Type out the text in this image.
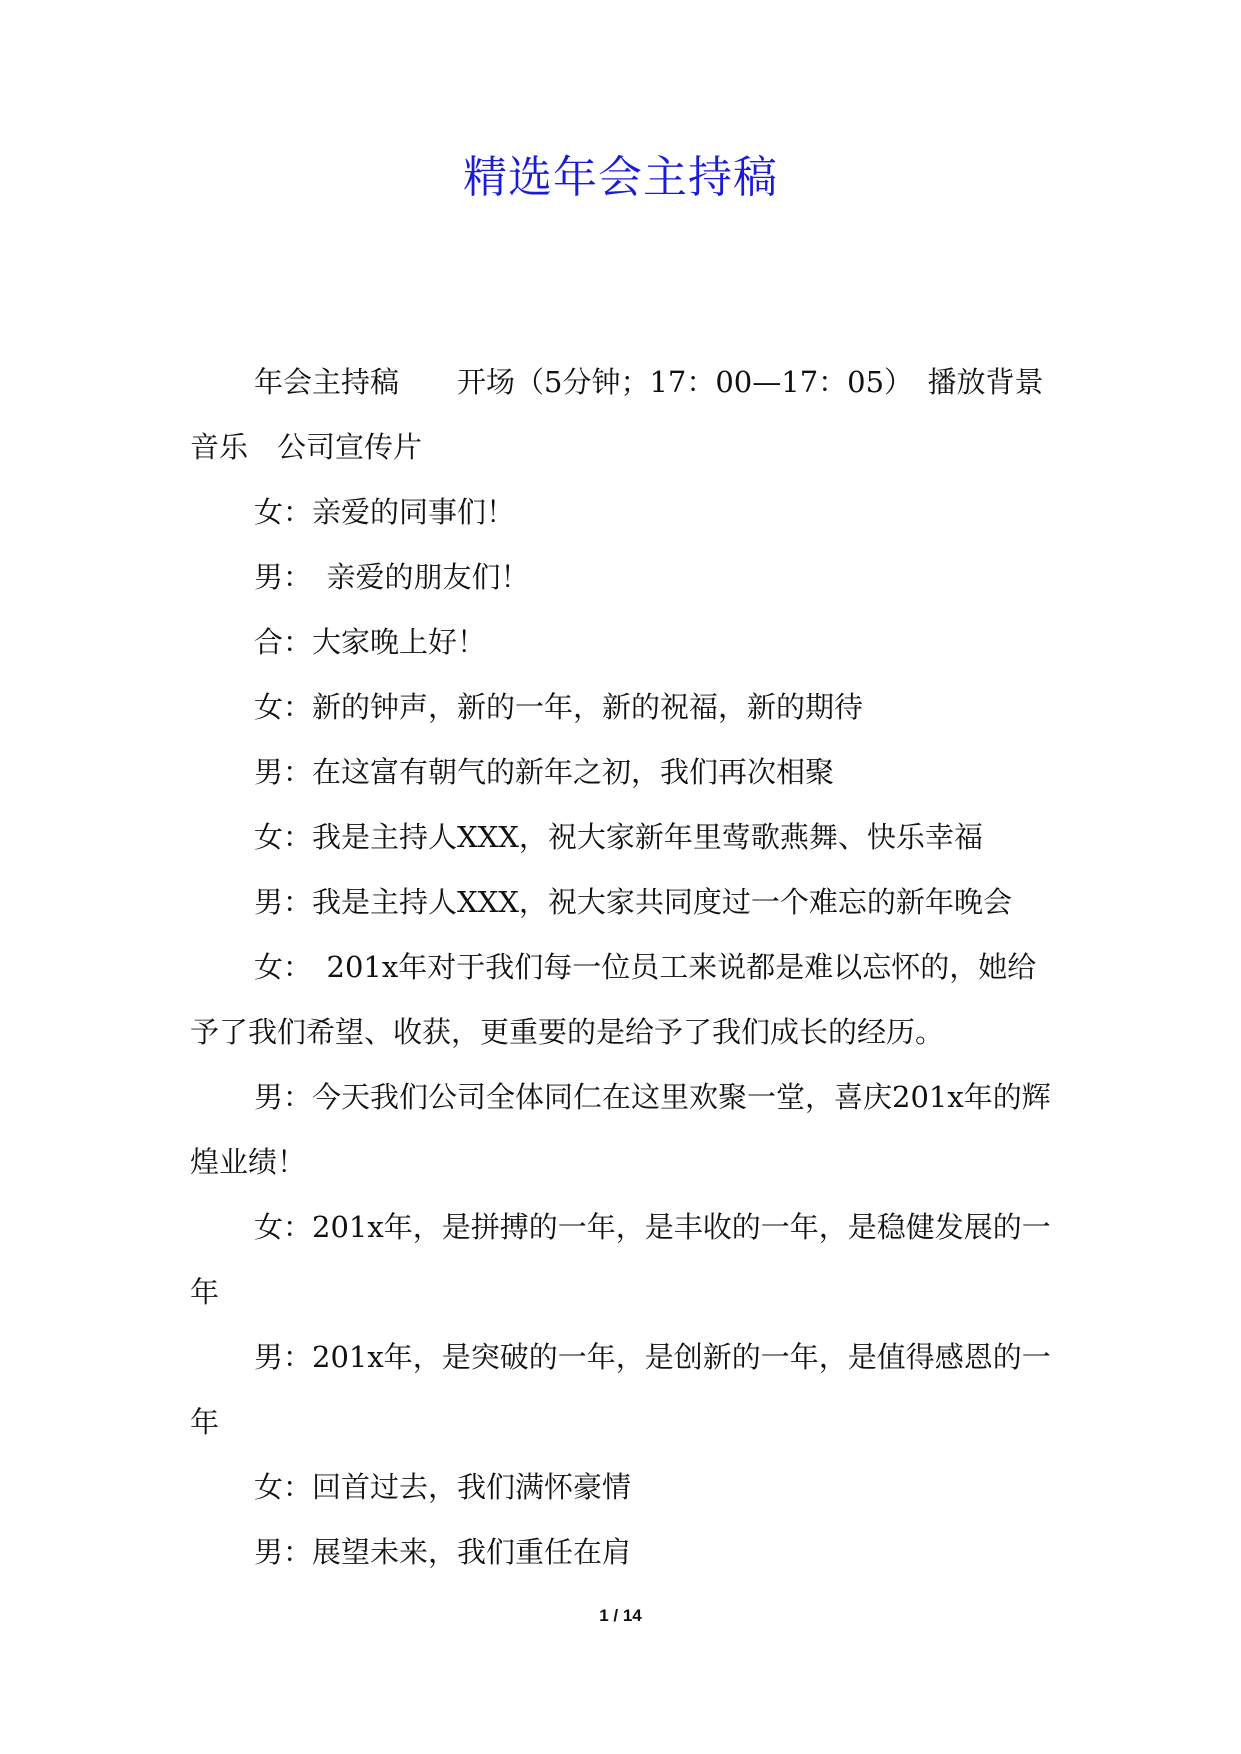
精选年会主持稿

年会主持稿　　开场（5分钟；17：00—17：05）　播放背景音乐　公司宣传片

女：亲爱的同事们！

男：　亲爱的朋友们！

合：大家晚上好！

女：新的钟声，新的一年，新的祝福，新的期待

男：在这富有朝气的新年之初，我们再次相聚

女：我是主持人XXX，祝大家新年里莺歌燕舞、快乐幸福

男：我是主持人XXX，祝大家共同度过一个难忘的新年晚会

女：　201x年对于我们每一位员工来说都是难以忘怀的，她给予了我们希望、收获，更重要的是给予了我们成长的经历。

男：今天我们公司全体同仁在这里欢聚一堂，喜庆201x年的辉煌业绩！

女：201x年，是拼搏的一年，是丰收的一年，是稳健发展的一年

男：201x年，是突破的一年，是创新的一年，是值得感恩的一年

女：回首过去，我们满怀豪情

男：展望未来，我们重任在肩

1 / 14
